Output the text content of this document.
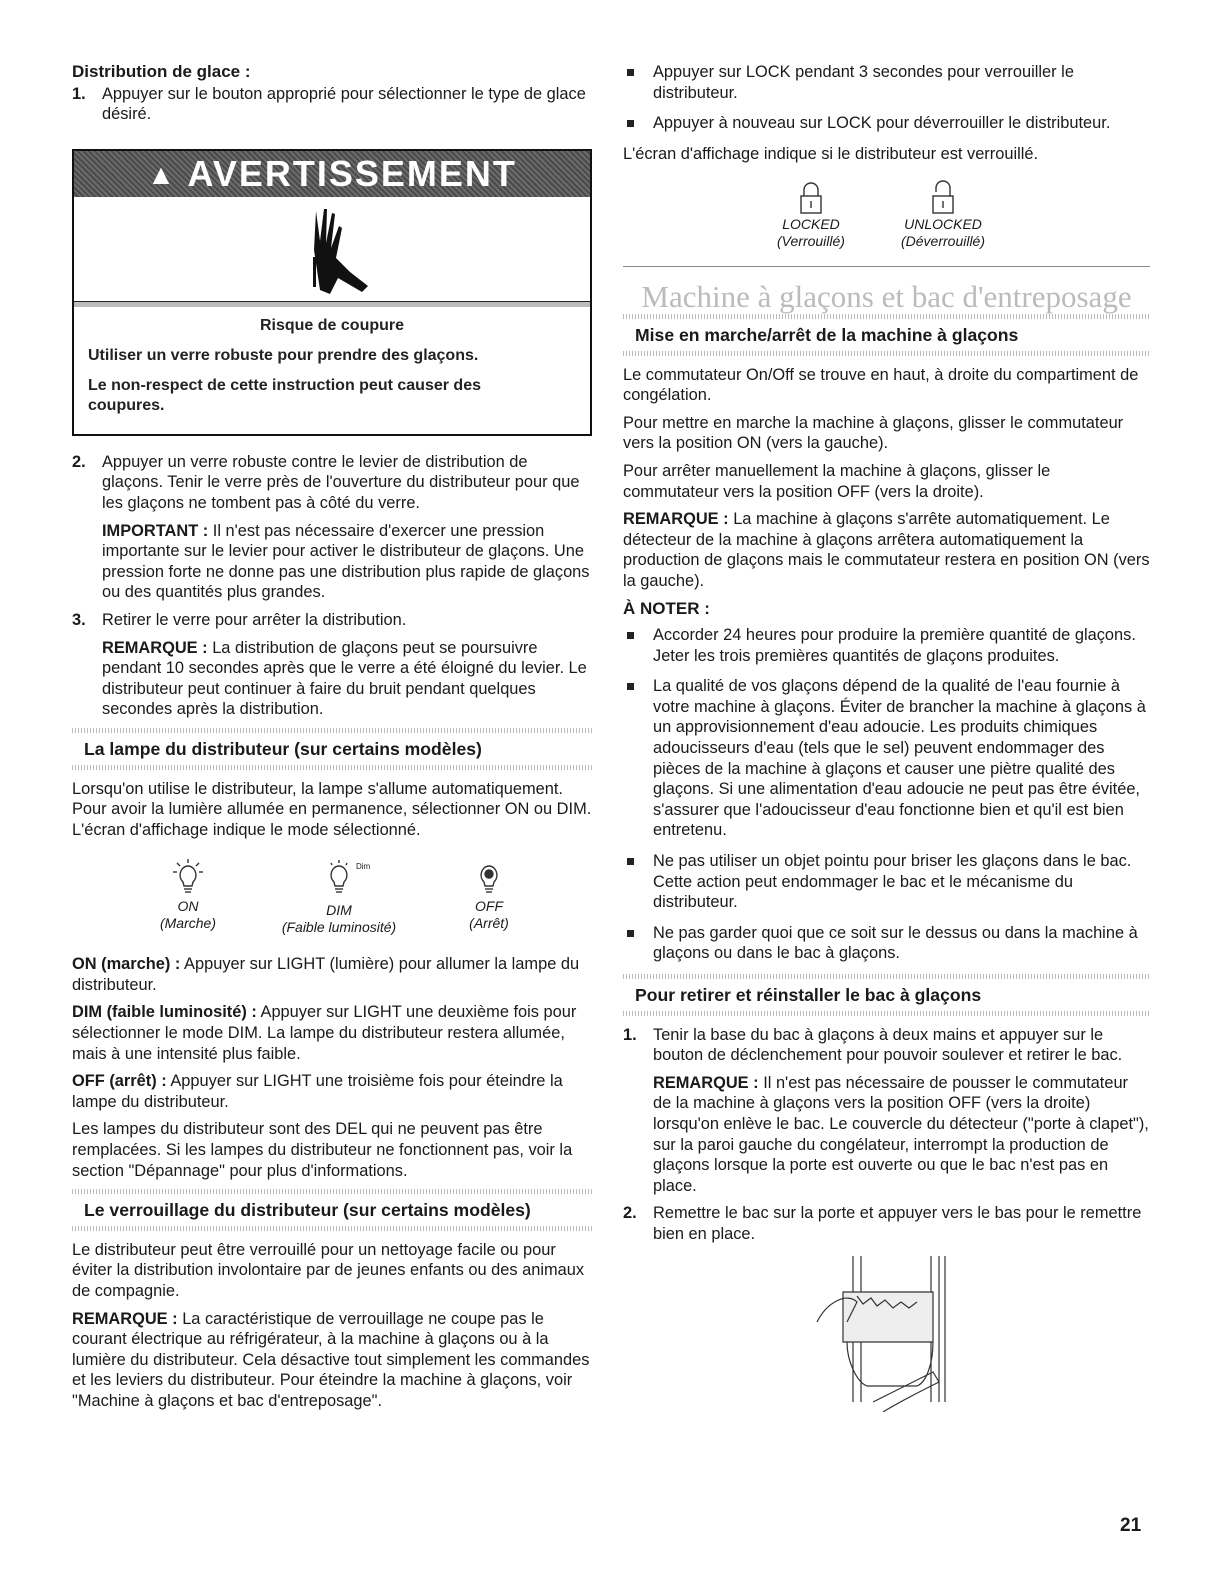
Distribution de glace :
1. Appuyer sur le bouton approprié pour sélectionner le type de glace désiré.

▲ AVERTISSEMENT
Risque de coupure

Utiliser un verre robuste pour prendre des glaçons.

Le non-respect de cette instruction peut causer des coupures.

2. Appuyer un verre robuste contre le levier de distribution de glaçons. Tenir le verre près de l'ouverture du distributeur pour que les glaçons ne tombent pas à côté du verre.

IMPORTANT : Il n'est pas nécessaire d'exercer une pression importante sur le levier pour activer le distributeur de glaçons. Une pression forte ne donne pas une distribution plus rapide de glaçons ou des quantités plus grandes.

3. Retirer le verre pour arrêter la distribution.

REMARQUE : La distribution de glaçons peut se poursuivre pendant 10 secondes après que le verre a été éloigné du levier. Le distributeur peut continuer à faire du bruit pendant quelques secondes après la distribution.

La lampe du distributeur (sur certains modèles)

Lorsqu'on utilise le distributeur, la lampe s'allume automatiquement. Pour avoir la lumière allumée en permanence, sélectionner ON ou DIM. L'écran d'affichage indique le mode sélectionné.

ON
(Marche)
Dim
DIM
(Faible luminosité)
OFF
(Arrêt)

ON (marche) : Appuyer sur LIGHT (lumière) pour allumer la lampe du distributeur.

DIM (faible luminosité) : Appuyer sur LIGHT une deuxième fois pour sélectionner le mode DIM. La lampe du distributeur restera allumée, mais à une intensité plus faible.

OFF (arrêt) : Appuyer sur LIGHT une troisième fois pour éteindre la lampe du distributeur.

Les lampes du distributeur sont des DEL qui ne peuvent pas être remplacées. Si les lampes du distributeur ne fonctionnent pas, voir la section "Dépannage" pour plus d'informations.

Le verrouillage du distributeur (sur certains modèles)

Le distributeur peut être verrouillé pour un nettoyage facile ou pour éviter la distribution involontaire par de jeunes enfants ou des animaux de compagnie.

REMARQUE : La caractéristique de verrouillage ne coupe pas le courant électrique au réfrigérateur, à la machine à glaçons ou à la lumière du distributeur. Cela désactive tout simplement les commandes et les leviers du distributeur. Pour éteindre la machine à glaçons, voir "Machine à glaçons et bac d'entreposage".

Appuyer sur LOCK pendant 3 secondes pour verrouiller le distributeur.
Appuyer à nouveau sur LOCK pour déverrouiller le distributeur.

L'écran d'affichage indique si le distributeur est verrouillé.

LOCKED
(Verrouillé)
UNLOCKED
(Déverrouillé)
Machine à glaçons et bac d'entreposage
Mise en marche/arrêt de la machine à glaçons

Le commutateur On/Off se trouve en haut, à droite du compartiment de congélation.

Pour mettre en marche la machine à glaçons, glisser le commutateur vers la position ON (vers la gauche).

Pour arrêter manuellement la machine à glaçons, glisser le commutateur vers la position OFF (vers la droite).

REMARQUE : La machine à glaçons s'arrête automatiquement. Le détecteur de la machine à glaçons arrêtera automatiquement la production de glaçons mais le commutateur restera en position ON (vers la gauche).

À NOTER :
Accorder 24 heures pour produire la première quantité de glaçons. Jeter les trois premières quantités de glaçons produites.
La qualité de vos glaçons dépend de la qualité de l'eau fournie à votre machine à glaçons. Éviter de brancher la machine à glaçons à un approvisionnement d'eau adoucie. Les produits chimiques adoucisseurs d'eau (tels que le sel) peuvent endommager des pièces de la machine à glaçons et causer une piètre qualité des glaçons. Si une alimentation d'eau adoucie ne peut pas être évitée, s'assurer que l'adoucisseur d'eau fonctionne bien et qu'il est bien entretenu.
Ne pas utiliser un objet pointu pour briser les glaçons dans le bac. Cette action peut endommager le bac et le mécanisme du distributeur.
Ne pas garder quoi que ce soit sur le dessus ou dans la machine à glaçons ou dans le bac à glaçons.
Pour retirer et réinstaller le bac à glaçons
1. Tenir la base du bac à glaçons à deux mains et appuyer sur le bouton de déclenchement pour pouvoir soulever et retirer le bac.

REMARQUE : Il n'est pas nécessaire de pousser le commutateur de la machine à glaçons vers la position OFF (vers la droite) lorsqu'on enlève le bac. Le couvercle du détecteur ("porte à clapet"), sur la paroi gauche du congélateur, interrompt la production de glaçons lorsque la porte est ouverte ou que le bac n'est pas en place.

2. Remettre le bac sur la porte et appuyer vers le bas pour le remettre bien en place.

21
